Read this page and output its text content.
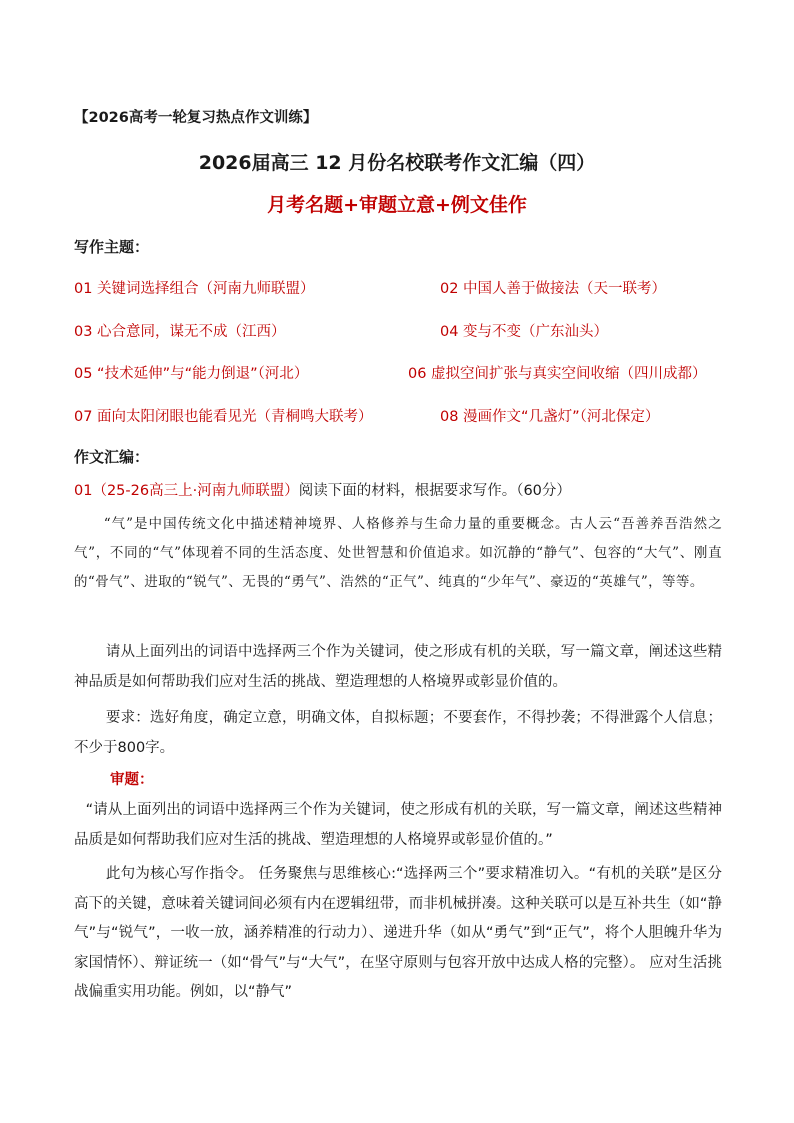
【2026高考一轮复习热点作文训练】
2026届高三 12 月份名校联考作文汇编（四）
月考名题+审题立意+例文佳作
写作主题：
01 关键词选择组合（河南九师联盟）	02 中国人善于做接法（天一联考）
03 心合意同，谋无不成（江西）	04 变与不变（广东汕头）
05 “技术延伸”与“能力倒退”（河北）	06 虚拟空间扩张与真实空间收缩（四川成都）
07 面向太阳闭眼也能看见光（青桐鸣大联考）	08 漫画作文“几盏灯”（河北保定）
作文汇编：
01（25-26高三上·河南九师联盟）阅读下面的材料，根据要求写作。（60分）
“气”是中国传统文化中描述精神境界、人格修养与生命力量的重要概念。古人云“吾善养吾浩然之气”，不同的“气”体现着不同的生活态度、处世智慧和价值追求。如沉静的“静气”、包容的“大气”、刚直的“骨气”、进取的“锐气”、无畏的“勇气”、浩然的“正气”、纯真的“少年气”、豪迈的“英雄气”，等等。
请从上面列出的词语中选择两三个作为关键词，使之形成有机的关联，写一篇文章，阐述这些精神品质是如何帮助我们应对生活的挑战、塑造理想的人格境界或彰显价值的。
要求：选好角度，确定立意，明确文体，自拟标题；不要套作，不得抄袭；不得泄露个人信息；不少于800字。
审题：
“请从上面列出的词语中选择两三个作为关键词，使之形成有机的关联，写一篇文章，阐述这些精神品质是如何帮助我们应对生活的挑战、塑造理想的人格境界或彰显价值的。”
此句为核心写作指令。 任务聚焦与思维核心:“选择两三个”要求精准切入。“有机的关联”是区分高下的关键，意味着关键词间必须有内在逻辑纽带，而非机械拼凑。这种关联可以是互补共生（如“静气”与“锐气”，一收一放，涵养精准的行动力）、递进升华（如从“勇气”到“正气”，将个人胆魄升华为家国情怀）、辩证统一（如“骨气”与“大气”，在坚守原则与包容开放中达成人格的完整）。 应对生活挑战偏重实用功能。例如，以“静气”
